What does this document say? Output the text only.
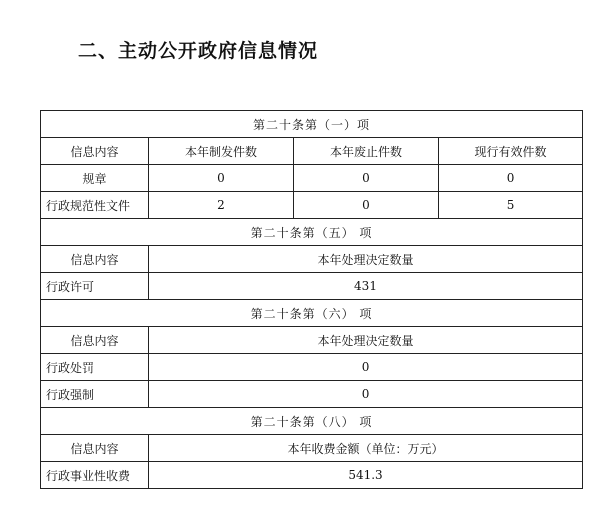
二、主动公开政府信息情况
第二十条第（一）项			
信息内容	本年制发件数	本年废止件数	现行有效件数
规章	0	0	0
行政规范性文件	2	0	5
第二十条第（五） 项			
信息内容	本年处理决定数量		
行政许可	431		
第二十条第（六） 项			
信息内容	本年处理决定数量		
行政处罚	0		
行政强制	0		
第二十条第（八） 项			
信息内容	本年收费金额（单位：万元）		
行政事业性收费	541.3		
